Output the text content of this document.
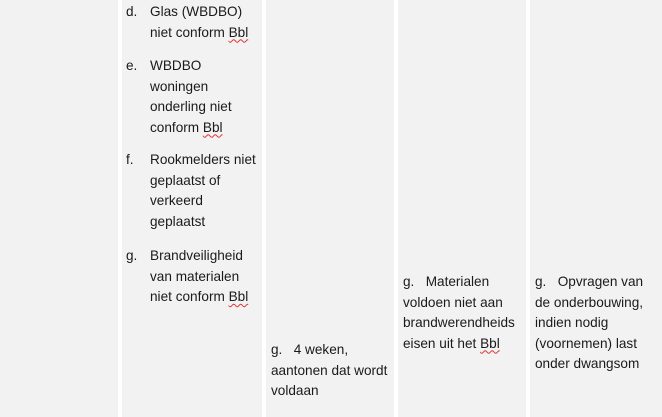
d. Glas (WBDBO) niet conform Bbl
e. WBDBO woningen onderling niet conform Bbl
f. Rookmelders niet geplaatst of verkeerd geplaatst
g. Brandveiligheid van materialen niet conform Bbl
g. 4 weken, aantonen dat wordt voldaan
g. Materialen voldoen niet aan brandwerendheids eisen uit het Bbl
g. Opvragen van de onderbouwing, indien nodig (voornemen) last onder dwangsom
